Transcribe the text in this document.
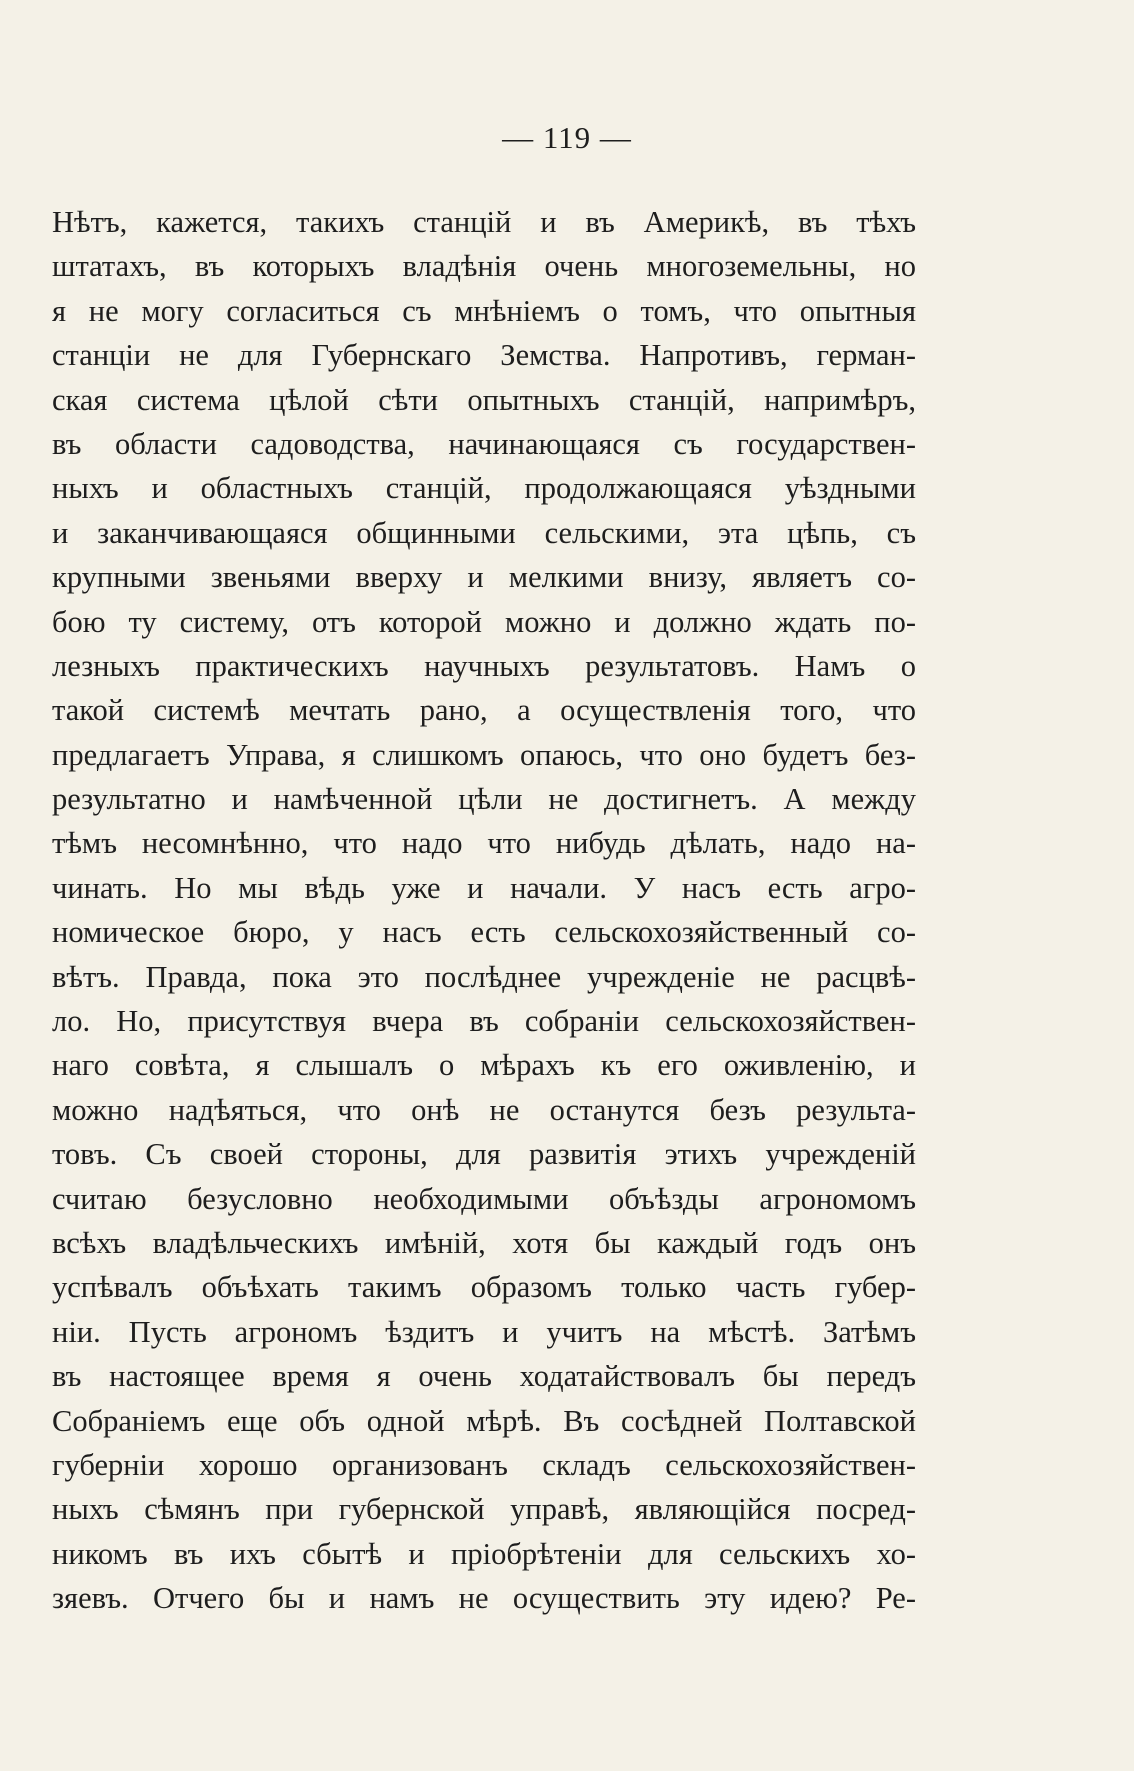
— 119 —
Нѣтъ, кажется, такихъ станцій и въ Америкѣ, въ тѣхъ
штатахъ, въ которыхъ владѣнія очень многоземельны, но
я не могу согласиться съ мнѣніемъ о томъ, что опытныя
станціи не для Губернскаго Земства. Напротивъ, герман-
ская система цѣлой сѣти опытныхъ станцій, напримѣръ,
въ области садоводства, начинающаяся съ государствен-
ныхъ и областныхъ станцій, продолжающаяся уѣздными
и заканчивающаяся общинными сельскими, эта цѣпь, съ
крупными звеньями вверху и мелкими внизу, являетъ со-
бою ту систему, отъ которой можно и должно ждать по-
лезныхъ практическихъ научныхъ результатовъ. Намъ о
такой системѣ мечтать рано, а осуществленія того, что
предлагаетъ Управа, я слишкомъ опаюсь, что оно будетъ без-
результатно и намѣченной цѣли не достигнетъ. А между
тѣмъ несомнѣнно, что надо что нибудь дѣлать, надо на-
чинать. Но мы вѣдь уже и начали. У насъ есть агро-
номическое бюро, у насъ есть сельскохозяйственный со-
вѣтъ. Правда, пока это послѣднее учрежденіе не расцвѣ-
ло. Но, присутствуя вчера въ собраніи сельскохозяйствен-
наго совѣта, я слышалъ о мѣрахъ къ его оживленію, и
можно надѣяться, что онѣ не останутся безъ результа-
товъ. Съ своей стороны, для развитія этихъ учрежденій
считаю безусловно необходимыми объѣзды агрономомъ
всѣхъ владѣльческихъ имѣній, хотя бы каждый годъ онъ
успѣвалъ объѣхать такимъ образомъ только часть губер-
ніи. Пусть агрономъ ѣздитъ и учитъ на мѣстѣ. Затѣмъ
въ настоящее время я очень ходатайствовалъ бы передъ
Собраніемъ еще объ одной мѣрѣ. Въ сосѣдней Полтавской
губерніи хорошо организованъ складъ сельскохозяйствен-
ныхъ сѣмянъ при губернской управѣ, являющійся посред-
никомъ въ ихъ сбытѣ и пріобрѣтеніи для сельскихъ хо-
зяевъ. Отчего бы и намъ не осуществить эту идею? Ре-
